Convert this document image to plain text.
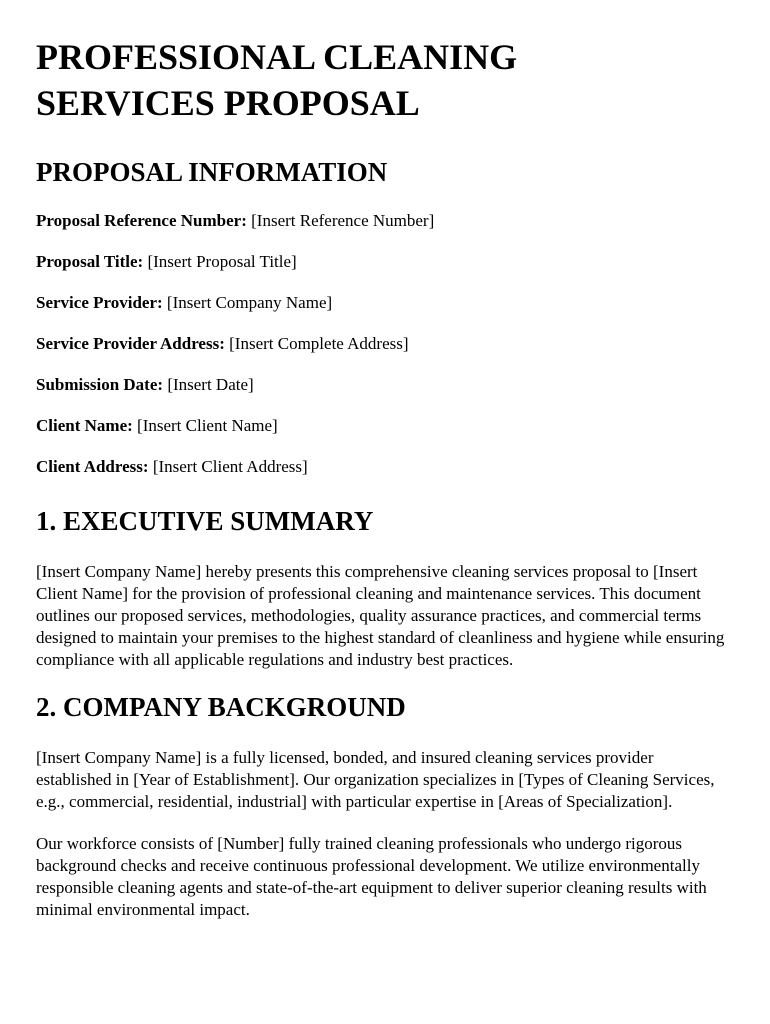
PROFESSIONAL CLEANING SERVICES PROPOSAL
PROPOSAL INFORMATION
Proposal Reference Number: [Insert Reference Number]
Proposal Title: [Insert Proposal Title]
Service Provider: [Insert Company Name]
Service Provider Address: [Insert Complete Address]
Submission Date: [Insert Date]
Client Name: [Insert Client Name]
Client Address: [Insert Client Address]
1. EXECUTIVE SUMMARY

[Insert Company Name] hereby presents this comprehensive cleaning services proposal to [Insert Client Name] for the provision of professional cleaning and maintenance services. This document outlines our proposed services, methodologies, quality assurance practices, and commercial terms designed to maintain your premises to the highest standard of cleanliness and hygiene while ensuring compliance with all applicable regulations and industry best practices.

2. COMPANY BACKGROUND

[Insert Company Name] is a fully licensed, bonded, and insured cleaning services provider established in [Year of Establishment]. Our organization specializes in [Types of Cleaning Services, e.g., commercial, residential, industrial] with particular expertise in [Areas of Specialization].

Our workforce consists of [Number] fully trained cleaning professionals who undergo rigorous background checks and receive continuous professional development. We utilize environmentally responsible cleaning agents and state-of-the-art equipment to deliver superior cleaning results with minimal environmental impact.
